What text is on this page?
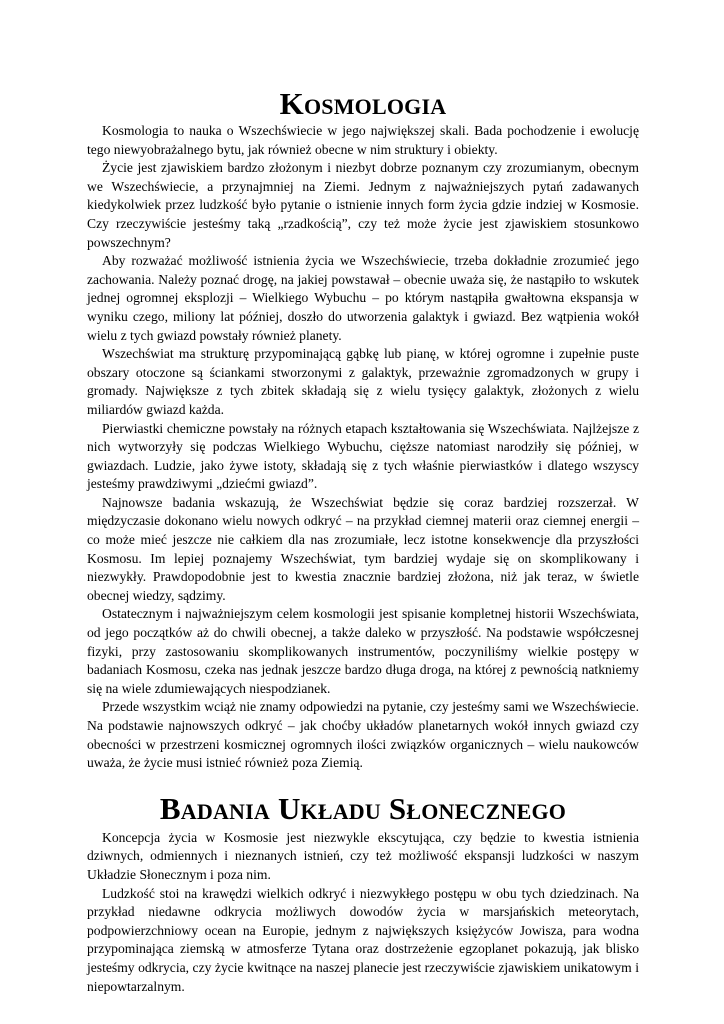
Kosmologia

Kosmologia to nauka o Wszechświecie w jego największej skali. Bada pochodzenie i ewolucję tego niewyobrażalnego bytu, jak również obecne w nim struktury i obiekty.

Życie jest zjawiskiem bardzo złożonym i niezbyt dobrze poznanym czy zrozumianym, obecnym we Wszechświecie, a przynajmniej na Ziemi. Jednym z najważniejszych pytań zadawanych kiedykolwiek przez ludzkość było pytanie o istnienie innych form życia gdzie indziej w Kosmosie. Czy rzeczywiście jesteśmy taką „rzadkością”, czy też może życie jest zjawiskiem stosunkowo powszechnym?

Aby rozważać możliwość istnienia życia we Wszechświecie, trzeba dokładnie zrozumieć jego zachowania. Należy poznać drogę, na jakiej powstawał – obecnie uważa się, że nastąpiło to wskutek jednej ogromnej eksplozji – Wielkiego Wybuchu – po którym nastąpiła gwałtowna ekspansja w wyniku czego, miliony lat później, doszło do utworzenia galaktyk i gwiazd. Bez wątpienia wokół wielu z tych gwiazd powstały również planety.

Wszechświat ma strukturę przypominającą gąbkę lub pianę, w której ogromne i zupełnie puste obszary otoczone są ściankami stworzonymi z galaktyk, przeważnie zgromadzonych w grupy i gromady. Największe z tych zbitek składają się z wielu tysięcy galaktyk, złożonych z wielu miliardów gwiazd każda.

Pierwiastki chemiczne powstały na różnych etapach kształtowania się Wszechświata. Najlżejsze z nich wytworzyły się podczas Wielkiego Wybuchu, cięższe natomiast narodziły się później, w gwiazdach. Ludzie, jako żywe istoty, składają się z tych właśnie pierwiastków i dlatego wszyscy jesteśmy prawdziwymi „dziećmi gwiazd”.

Najnowsze badania wskazują, że Wszechświat będzie się coraz bardziej rozszerzał. W międzyczasie dokonano wielu nowych odkryć – na przykład ciemnej materii oraz ciemnej energii – co może mieć jeszcze nie całkiem dla nas zrozumiałe, lecz istotne konsekwencje dla przyszłości Kosmosu. Im lepiej poznajemy Wszechświat, tym bardziej wydaje się on skomplikowany i niezwykły. Prawdopodobnie jest to kwestia znacznie bardziej złożona, niż jak teraz, w świetle obecnej wiedzy, sądzimy.

Ostatecznym i najważniejszym celem kosmologii jest spisanie kompletnej historii Wszechświata, od jego początków aż do chwili obecnej, a także daleko w przyszłość. Na podstawie współczesnej fizyki, przy zastosowaniu skomplikowanych instrumentów, poczyniliśmy wielkie postępy w badaniach Kosmosu, czeka nas jednak jeszcze bardzo długa droga, na której z pewnością natkniemy się na wiele zdumiewających niespodzianek.

Przede wszystkim wciąż nie znamy odpowiedzi na pytanie, czy jesteśmy sami we Wszechświecie. Na podstawie najnowszych odkryć – jak choćby układów planetarnych wokół innych gwiazd czy obecności w przestrzeni kosmicznej ogromnych ilości związków organicznych – wielu naukowców uważa, że życie musi istnieć również poza Ziemią.

Badania Układu Słonecznego

Koncepcja życia w Kosmosie jest niezwykle ekscytująca, czy będzie to kwestia istnienia dziwnych, odmiennych i nieznanych istnień, czy też możliwość ekspansji ludzkości w naszym Układzie Słonecznym i poza nim.

Ludzkość stoi na krawędzi wielkich odkryć i niezwykłego postępu w obu tych dziedzinach. Na przykład niedawne odkrycia możliwych dowodów życia w marsjańskich meteorytach, podpowierzchniowy ocean na Europie, jednym z największych księżyców Jowisza, para wodna przypominająca ziemską w atmosferze Tytana oraz dostrzeżenie egzoplanet pokazują, jak blisko jesteśmy odkrycia, czy życie kwitnące na naszej planecie jest rzeczywiście zjawiskiem unikatowym i niepowtarzalnym.
